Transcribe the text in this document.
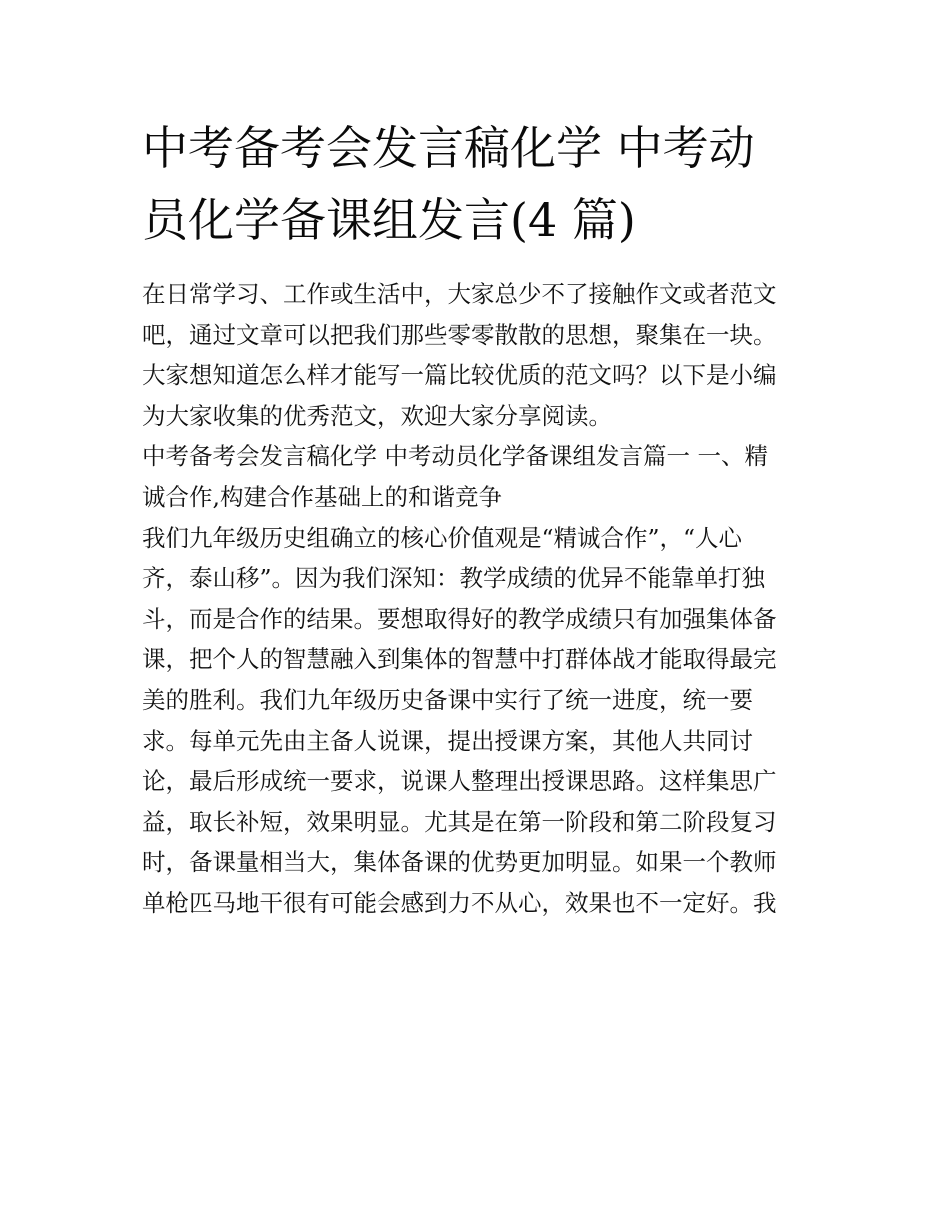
中考备考会发言稿化学 中考动
员化学备课组发言(4 篇)

在日常学习、工作或生活中，大家总少不了接触作文或者范文
吧，通过文章可以把我们那些零零散散的思想，聚集在一块。
大家想知道怎么样才能写一篇比较优质的范文吗？以下是小编
为大家收集的优秀范文，欢迎大家分享阅读。

中考备考会发言稿化学 中考动员化学备课组发言篇一 一、精
诚合作,构建合作基础上的和谐竞争

我们九年级历史组确立的核心价值观是“精诚合作”，“人心
齐，泰山移”。因为我们深知：教学成绩的优异不能靠单打独
斗，而是合作的结果。要想取得好的教学成绩只有加强集体备
课，把个人的智慧融入到集体的智慧中打群体战才能取得最完
美的胜利。我们九年级历史备课中实行了统一进度，统一要
求。每单元先由主备人说课，提出授课方案，其他人共同讨
论，最后形成统一要求，说课人整理出授课思路。这样集思广
益，取长补短，效果明显。尤其是在第一阶段和第二阶段复习
时，备课量相当大，集体备课的优势更加明显。如果一个教师
单枪匹马地干很有可能会感到力不从心，效果也不一定好。我
